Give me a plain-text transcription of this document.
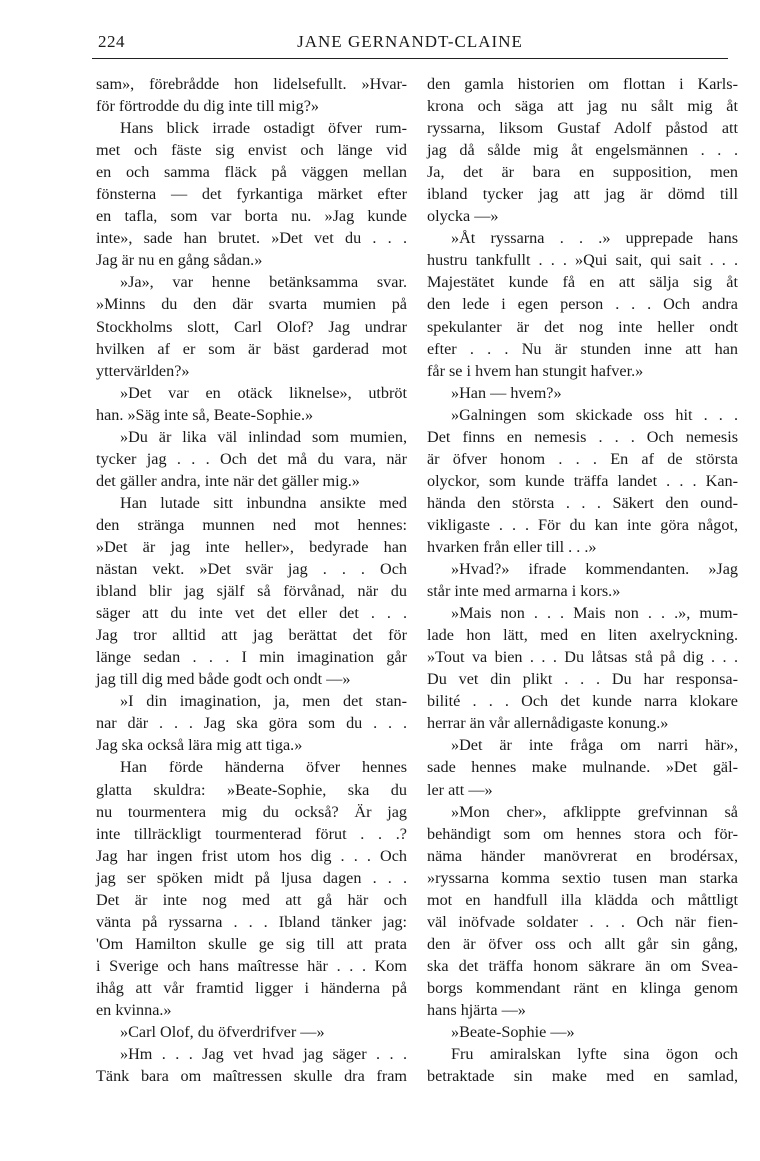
224	JANE GERNANDT-CLAINE
sam», förebrådde hon lidelsefullt. »Hvar-
för förtrodde du dig inte till mig?»
Hans blick irrade ostadigt öfver rum-
met och fäste sig envist och länge vid
en och samma fläck på väggen mellan
fönsterna — det fyrkantiga märket efter
en tafla, som var borta nu. »Jag kunde
inte», sade han brutet. »Det vet du . . .
Jag är nu en gång sådan.»
»Ja», var henne betänksamma svar.
»Minns du den där svarta mumien på
Stockholms slott, Carl Olof? Jag undrar
hvilken af er som är bäst garderad mot
yttervärlden?»
»Det var en otäck liknelse», utbröt
han. »Säg inte så, Beate-Sophie.»
»Du är lika väl inlindad som mumien,
tycker jag . . . Och det må du vara, när
det gäller andra, inte när det gäller mig.»
Han lutade sitt inbundna ansikte med
den stränga munnen ned mot hennes:
»Det är jag inte heller», bedyrade han
nästan vekt. »Det svär jag . . . Och
ibland blir jag själf så förvånad, när du
säger att du inte vet det eller det . . .
Jag tror alltid att jag berättat det för
länge sedan . . . I min imagination går
jag till dig med både godt och ondt —»
»I din imagination, ja, men det stan-
nar där . . . Jag ska göra som du . . .
Jag ska också lära mig att tiga.»
Han förde händerna öfver hennes
glatta skuldra: »Beate-Sophie, ska du
nu tourmentera mig du också? Är jag
inte tillräckligt tourmenterad förut . . .?
Jag har ingen frist utom hos dig . . . Och
jag ser spöken midt på ljusa dagen . . .
Det är inte nog med att gå här och
vänta på ryssarna . . . Ibland tänker jag:
'Om Hamilton skulle ge sig till att prata
i Sverige och hans maîtresse här . . . Kom
ihåg att vår framtid ligger i händerna på
en kvinna.»
»Carl Olof, du öfverdrifver —»
»Hm . . . Jag vet hvad jag säger . . .
Tänk bara om maîtressen skulle dra fram
den gamla historien om flottan i Karls-
krona och säga att jag nu sålt mig åt
ryssarna, liksom Gustaf Adolf påstod att
jag då sålde mig åt engelsmännen . . .
Ja, det är bara en supposition, men
ibland tycker jag att jag är dömd till
olycka —»
»Åt ryssarna . . .» upprepade hans
hustru tankfullt . . . »Qui sait, qui sait . . .
Majestätet kunde få en att sälja sig åt
den lede i egen person . . . Och andra
spekulanter är det nog inte heller ondt
efter . . . Nu är stunden inne att han
får se i hvem han stungit hafver.»
»Han — hvem?»
»Galningen som skickade oss hit . . .
Det finns en nemesis . . . Och nemesis
är öfver honom . . . En af de största
olyckor, som kunde träffa landet . . . Kan-
hända den största . . . Säkert den ound-
vikligaste . . . För du kan inte göra något,
hvarken från eller till . . .»
»Hvad?» ifrade kommendanten. »Jag
står inte med armarna i kors.»
»Mais non . . . Mais non . . .», mum-
lade hon lätt, med en liten axelryckning.
»Tout va bien . . . Du låtsas stå på dig . . .
Du vet din plikt . . . Du har responsa-
bilité . . . Och det kunde narra klokare
herrar än vår allernådigaste konung.»
»Det är inte fråga om narri här»,
sade hennes make mulnande. »Det gäl-
ler att —»
»Mon cher», afklippte grefvinnan så
behändigt som om hennes stora och för-
näma händer manövrerat en brodérsax,
»ryssarna komma sextio tusen man starka
mot en handfull illa klädda och måttligt
väl inöfvade soldater . . . Och när fien-
den är öfver oss och allt går sin gång,
ska det träffa honom säkrare än om Svea-
borgs kommendant ränt en klinga genom
hans hjärta —»
»Beate-Sophie —»
Fru amiralskan lyfte sina ögon och
betraktade sin make med en samlad,
